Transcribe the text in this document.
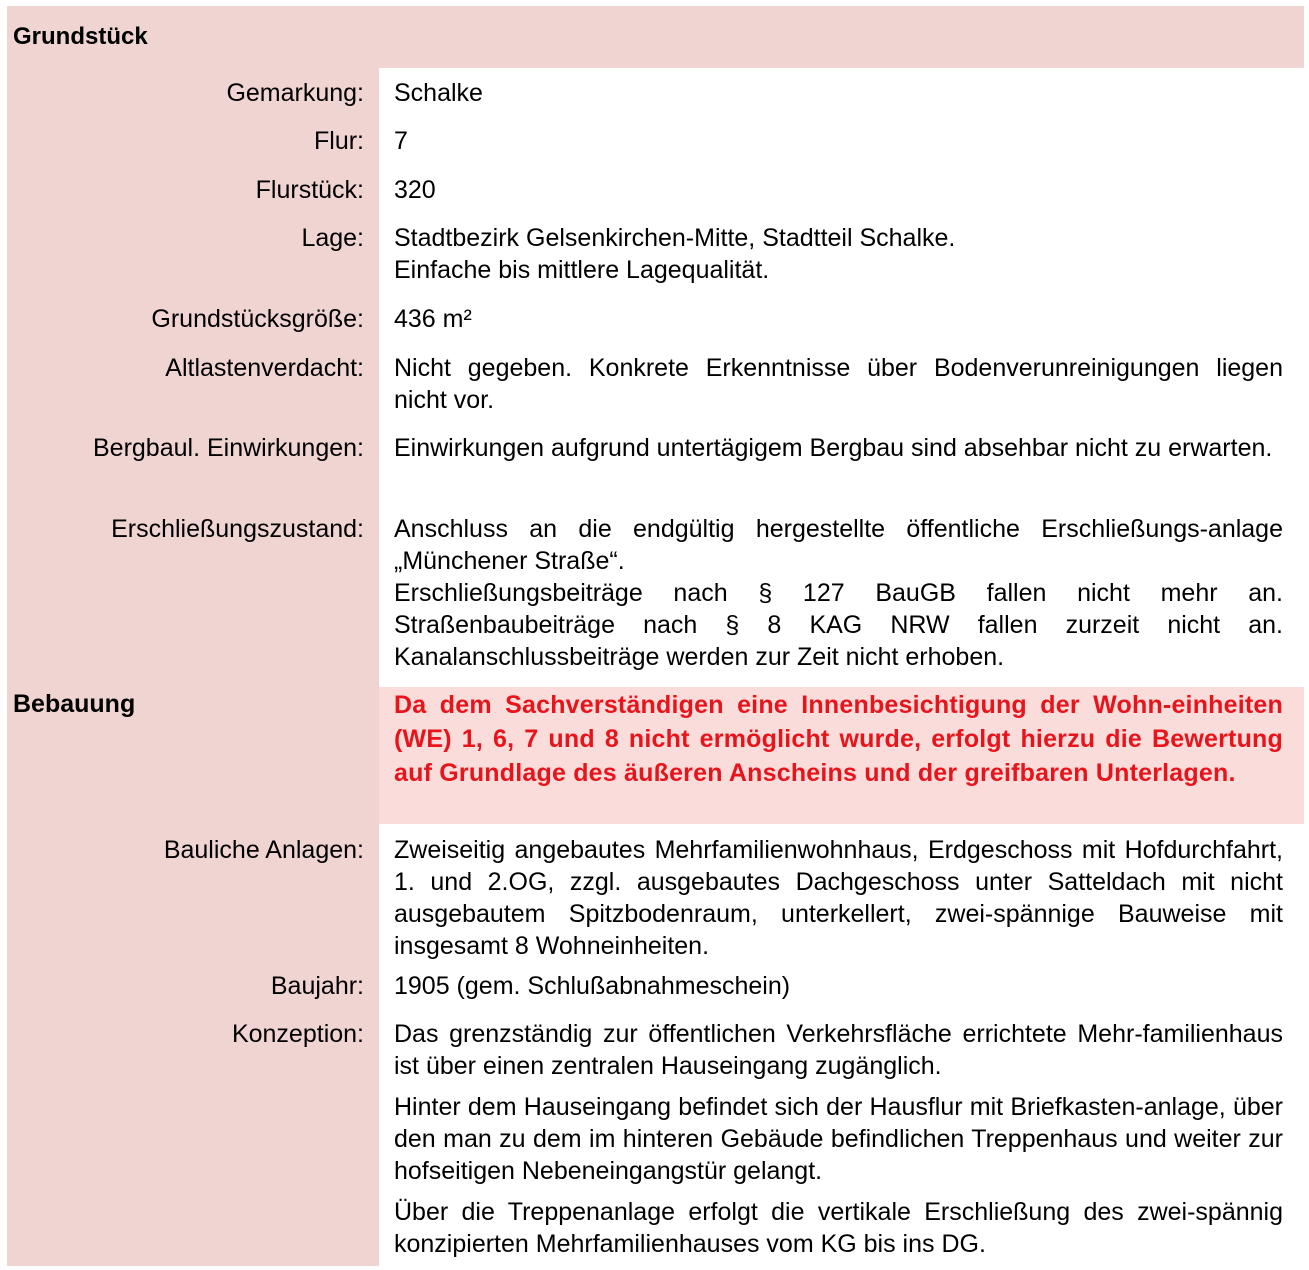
Grundstück
Gemarkung: Schalke
Flur: 7
Flurstück: 320
Lage: Stadtbezirk Gelsenkirchen-Mitte, Stadtteil Schalke.
Einfache bis mittlere Lagequalität.
Grundstücksgröße: 436 m²
Altlastenverdacht: Nicht gegeben. Konkrete Erkenntnisse über Bodenverunreinigungen liegen nicht vor.
Bergbaul. Einwirkungen: Einwirkungen aufgrund untertägigem Bergbau sind absehbar nicht zu erwarten.
Erschließungszustand: Anschluss an die endgültig hergestellte öffentliche Erschließungs-anlage „Münchener Straße“.
Erschließungsbeiträge nach § 127 BauGB fallen nicht mehr an. Straßenbaubeiträge nach § 8 KAG NRW fallen zurzeit nicht an. Kanalanschlussbeiträge werden zur Zeit nicht erhoben.
Bebauung	Da dem Sachverständigen eine Innenbesichtigung der Wohn-einheiten (WE) 1, 6, 7 und 8 nicht ermöglicht wurde, erfolgt hierzu die Bewertung auf Grundlage des äußeren Anscheins und der greifbaren Unterlagen.
Bauliche Anlagen: Zweiseitig angebautes Mehrfamilienwohnhaus, Erdgeschoss mit Hofdurchfahrt, 1. und 2.OG, zzgl. ausgebautes Dachgeschoss unter Satteldach mit nicht ausgebautem Spitzbodenraum, unterkellert, zwei-spännige Bauweise mit insgesamt 8 Wohneinheiten.
Baujahr: 1905 (gem. Schlußabnahmeschein)
Konzeption: Das grenzständig zur öffentlichen Verkehrsfläche errichtete Mehr-familienhaus ist über einen zentralen Hauseingang zugänglich.
Hinter dem Hauseingang befindet sich der Hausflur mit Briefkasten-anlage, über den man zu dem im hinteren Gebäude befindlichen Treppenhaus und weiter zur hofseitigen Nebeneingangstür gelangt.
Über die Treppenanlage erfolgt die vertikale Erschließung des zwei-spännig konzipierten Mehrfamilienhauses vom KG bis ins DG.
